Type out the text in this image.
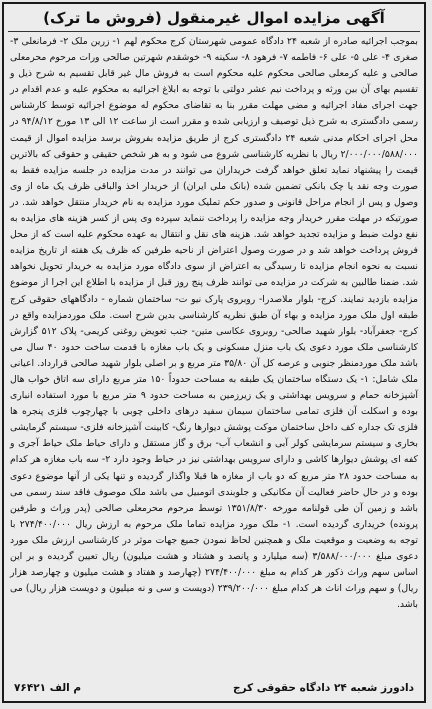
آگهی مزایده اموال غیرمنقول (فروش ما ترک)
بموجب اجرائیه صادره از شعبه ۲۴ دادگاه عمومی شهرستان کرج محکوم لهم ۱- زرین ملک ۲- فرمانعلی ۳- صغری ۴- علی ۵- علی ۶- فاطمه ۷- فرهود ۸- سکینه ۹- خوشقدم شهرتین صالحی ورات مرحوم محرمعلی صالحی و علیه کرمعلی صالحی محکوم علیه محکوم است به فروش مال غیر قابل تقسیم به شرح ذیل و تقسیم بهای آن بین ورثه و پرداخت نیم عشر دولتی با توجه به ابلاغ اجرائیه به محکوم علیه و عدم اقدام در جهت اجرای مفاد اجرائیه و مضی مهلت مقرر بنا به تقاضای محکوم له موضوع اجرائیه توسط کارشناس رسمی دادگستری به شرح ذیل توصیف و ارزیابی شده و مقرر است از ساعت ۱۲ الی ۱۳ مورخ ۹۴/۸/۱۲ در محل اجرای احکام مدنی شعبه ۲۴ دادگستری کرج از طریق مزایده بفروش برسد مزایده اموال از قیمت ۲/۰۰۰/۰۰۰/۵۸۸/۰۰۰ ریال با نظریه کارشناسی شروع می شود و به هر شخص حقیقی و حقوقی که بالاترین قیمت را پیشنهاد نماید تعلق خواهد گرفت خریداران می توانند در مدت مزایده در جلسه مزایده فقط به صورت وجه نقد یا چک بانکی تضمین شده (بانک ملی ایران) از خریدار اخذ والباقی ظرف یک ماه از وی وصول و پس از انجام مراحل قانونی و صدور حکم تملیک مورد مزایده به نام خریدار منتقل خواهد شد. در صورتیکه در مهلت مقرر خریدار وجه مزایده را پرداخت ننماید سپرده وی پس از کسر هزینه های مزایده به نفع دولت ضبط و مزایده تجدید خواهد شد. هزینه های نقل و انتقال به عهده محکوم علیه است که از محل فروش پرداخت خواهد شد و در صورت وصول اعتراض از ناحیه طرفین که ظرف یک هفته از تاریخ مزایده نسبت به نحوه انجام مزایده تا رسیدگی به اعتراض از سوی دادگاه مورد مزایده به خریدار تحویل نخواهد شد. ضمنا طالبین به شرکت در مزایده می توانند ظرف پنج روز قبل از مزایده با اطلاع این اجرا از موضوع مزایده بازدید نمایند. کرج- بلوار ملاصدرا- روبروی پارک نیو ت- ساختمان شماره - دادگاههای حقوقی کرج طبقه اول ملک مورد مزایده و بهاء آن طبق نظریه کارشناسی بدین شرح است. ملک موردمزایده واقع در کرج- جعفرآباد- بلوار شهید صالحی- روبروی عکاسی متین- جنب تعویض روغنی کریمی- پلاک ۵۱۲ گزارش کارشناسی ملک مورد دعوی یک باب منزل مسکونی و یک باب مغازه با قدمت ساخت حدود ۴۰ سال می باشد ملک موردمنظر جنوبی و عرصه کل آن ۳۵/۸۰ متر مربع و بر اصلی بلوار شهید صالحی قرارداد. اعیانی ملک شامل: ۱- یک دستگاه ساختمان یک طبقه به مساحت حدوداً ۱۵۰ متر مربع دارای سه اتاق خواب هال آشپزخانه حمام و سرویس بهداشتی و یک زیرزمین به مساحت حدود ۹ متر مربع با مورد استفاده انباری بوده و اسکلت آن فلزی تمامی ساختمان سیمان سفید درهای داخلی چوبی با چهارچوب فلزی پنجره ها فلزی تک جداره کف داخل ساختمان موکت پوشش دیوارها رنگ- کابینت آشپزخانه فلزی- سیستم گرمایشی بخاری و سیستم سرمایشی کولر آبی و انشعاب آب- برق و گاز مستقل و دارای حیاط ملک حیاط آجری و کفه ای پوشش دیوارها کاشی و دارای سرویس بهداشتی نیز در حیاط وجود دارد ۲- سه باب مغازه هر کدام به مساحت حدود ۲۸ متر مربع که دو باب از مغازه ها قبلا واگذار گردیده و تنها یکی از آنها موضوع دعوی بوده و در حال حاضر فعالیت آن مکانیکی و جلوبندی اتومبیل می باشد ملک موصوف فاقد سند رسمی می باشد و زمین آن طی قولنامه مورخه ۱۳۵۱/۸/۳۰ توسط مرحوم محرمعلی صالحی (پدر وراث و طرفین پرونده) خریداری گردیده است. ۱- ملک مورد مزایده تماما ملک مرحوم به ارزش ریال ۲۷۴/۴۰۰/۰۰۰ با توجه به وضعیت و موقعیت ملک و همچنین لحاظ نمودن جمیع جهات موثر در کارشناسی ارزش ملک مورد دعوی مبلغ ۳/۵۸۸/۰۰۰/۰۰۰ (سه میلیارد و پانصد و هشتاد و هشت میلیون) ریال تعیین گردیده و بر این اساس سهم وراث ذکور هر کدام به مبلغ ۲۷۴/۴۰۰/۰۰۰ (چهارصد و هفتاد و هشت میلیون و چهارصد هزار ریال) و سهم وراث اناث هر کدام مبلغ ۲۳۹/۲۰۰/۰۰۰ (دویست و سی و نه میلیون و دویست هزار ریال) می باشد.
م الف ۷۶۴۲۱	دادورز شعبه ۲۴ دادگاه حقوقی کرج
